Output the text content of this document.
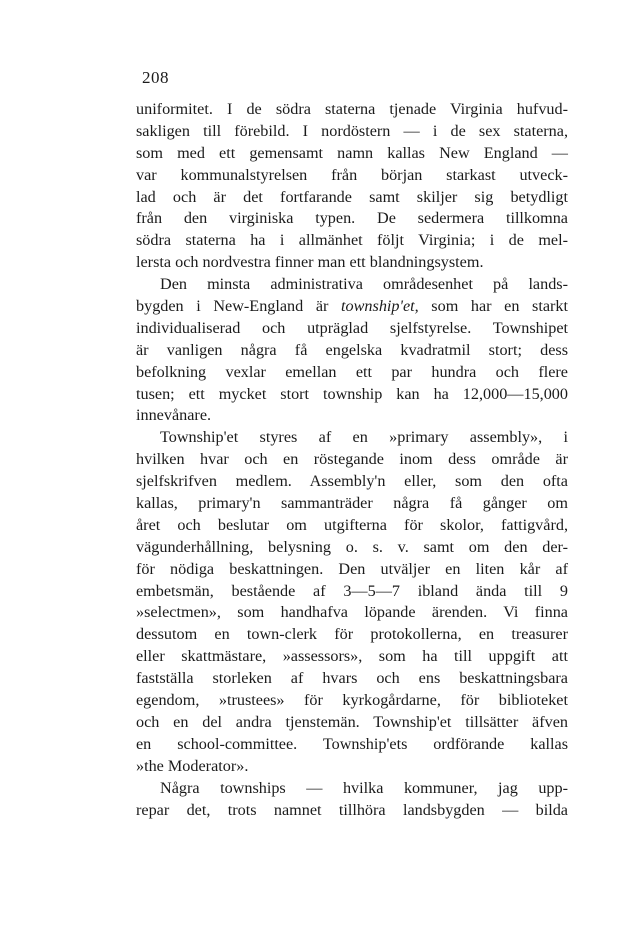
208
uniformitet. I de södra staterna tjenade Virginia hufvud-
sakligen till förebild. I nordöstern — i de sex staterna,
som med ett gemensamt namn kallas New England —
var kommunalstyrelsen från början starkast utveck-
lad och är det fortfarande samt skiljer sig betydligt
från den virginiska typen. De sedermera tillkomna
södra staterna ha i allmänhet följt Virginia; i de mel-
lersta och nordvestra finner man ett blandningsystem.
Den minsta administrativa områdesenhet på lands-
bygden i New-England är township'et, som har en starkt
individualiserad och utpräglad sjelfstyrelse. Townshipet
är vanligen några få engelska kvadratmil stort; dess
befolkning vexlar emellan ett par hundra och flere
tusen; ett mycket stort township kan ha 12,000—15,000
innevånare.
Township'et styres af en »primary assembly», i
hvilken hvar och en röstegande inom dess område är
sjelfskrifven medlem. Assembly'n eller, som den ofta
kallas, primary'n sammanträder några få gånger om
året och beslutar om utgifterna för skolor, fattigvård,
vägunderhållning, belysning o. s. v. samt om den der-
för nödiga beskattningen. Den utväljer en liten kår af
embetsmän, bestående af 3—5—7 ibland ända till 9
»selectmen», som handhafva löpande ärenden. Vi finna
dessutom en town-clerk för protokollerna, en treasurer
eller skattmästare, »assessors», som ha till uppgift att
fastställa storleken af hvars och ens beskattningsbara
egendom, »trustees» för kyrkogårdarne, för biblioteket
och en del andra tjenstemän. Township'et tillsätter äfven
en school-committee. Township'ets ordförande kallas
»the Moderator».
Några townships — hvilka kommuner, jag upp-
repar det, trots namnet tillhöra landsbygden — bilda
